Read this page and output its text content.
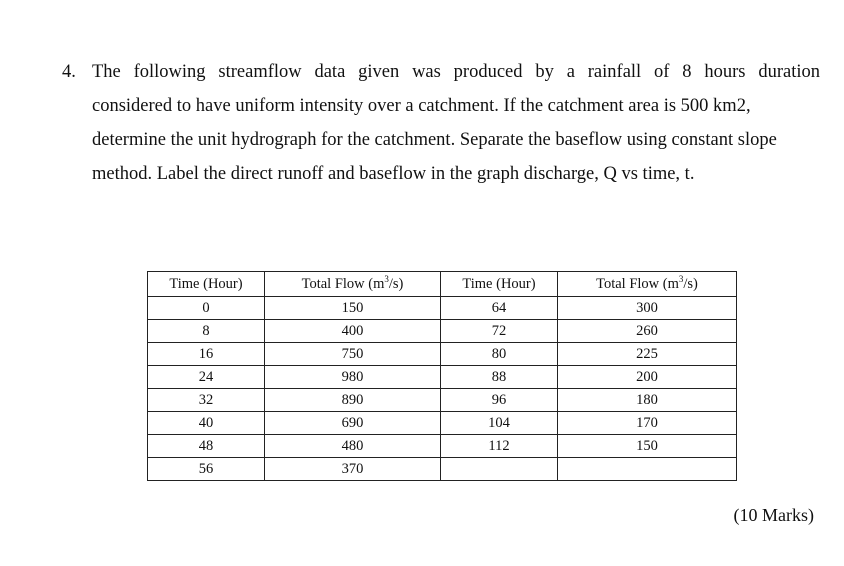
4. The following streamflow data given was produced by a rainfall of 8 hours duration
considered to have uniform intensity over a catchment. If the catchment area is 500 km2,
determine the unit hydrograph for the catchment. Separate the baseflow using constant slope
method. Label the direct runoff and baseflow in the graph discharge, Q vs time, t.
Time (Hour)	Total Flow $(m^3/s)$	Time (Hour)	Total Flow $(m^3/s)$
0	150	64	300
8	400	72	260
16	750	80	225
24	980	88	200
32	890	96	180
40	690	104	170
48	480	112	150
56	370		
(10 Marks)
